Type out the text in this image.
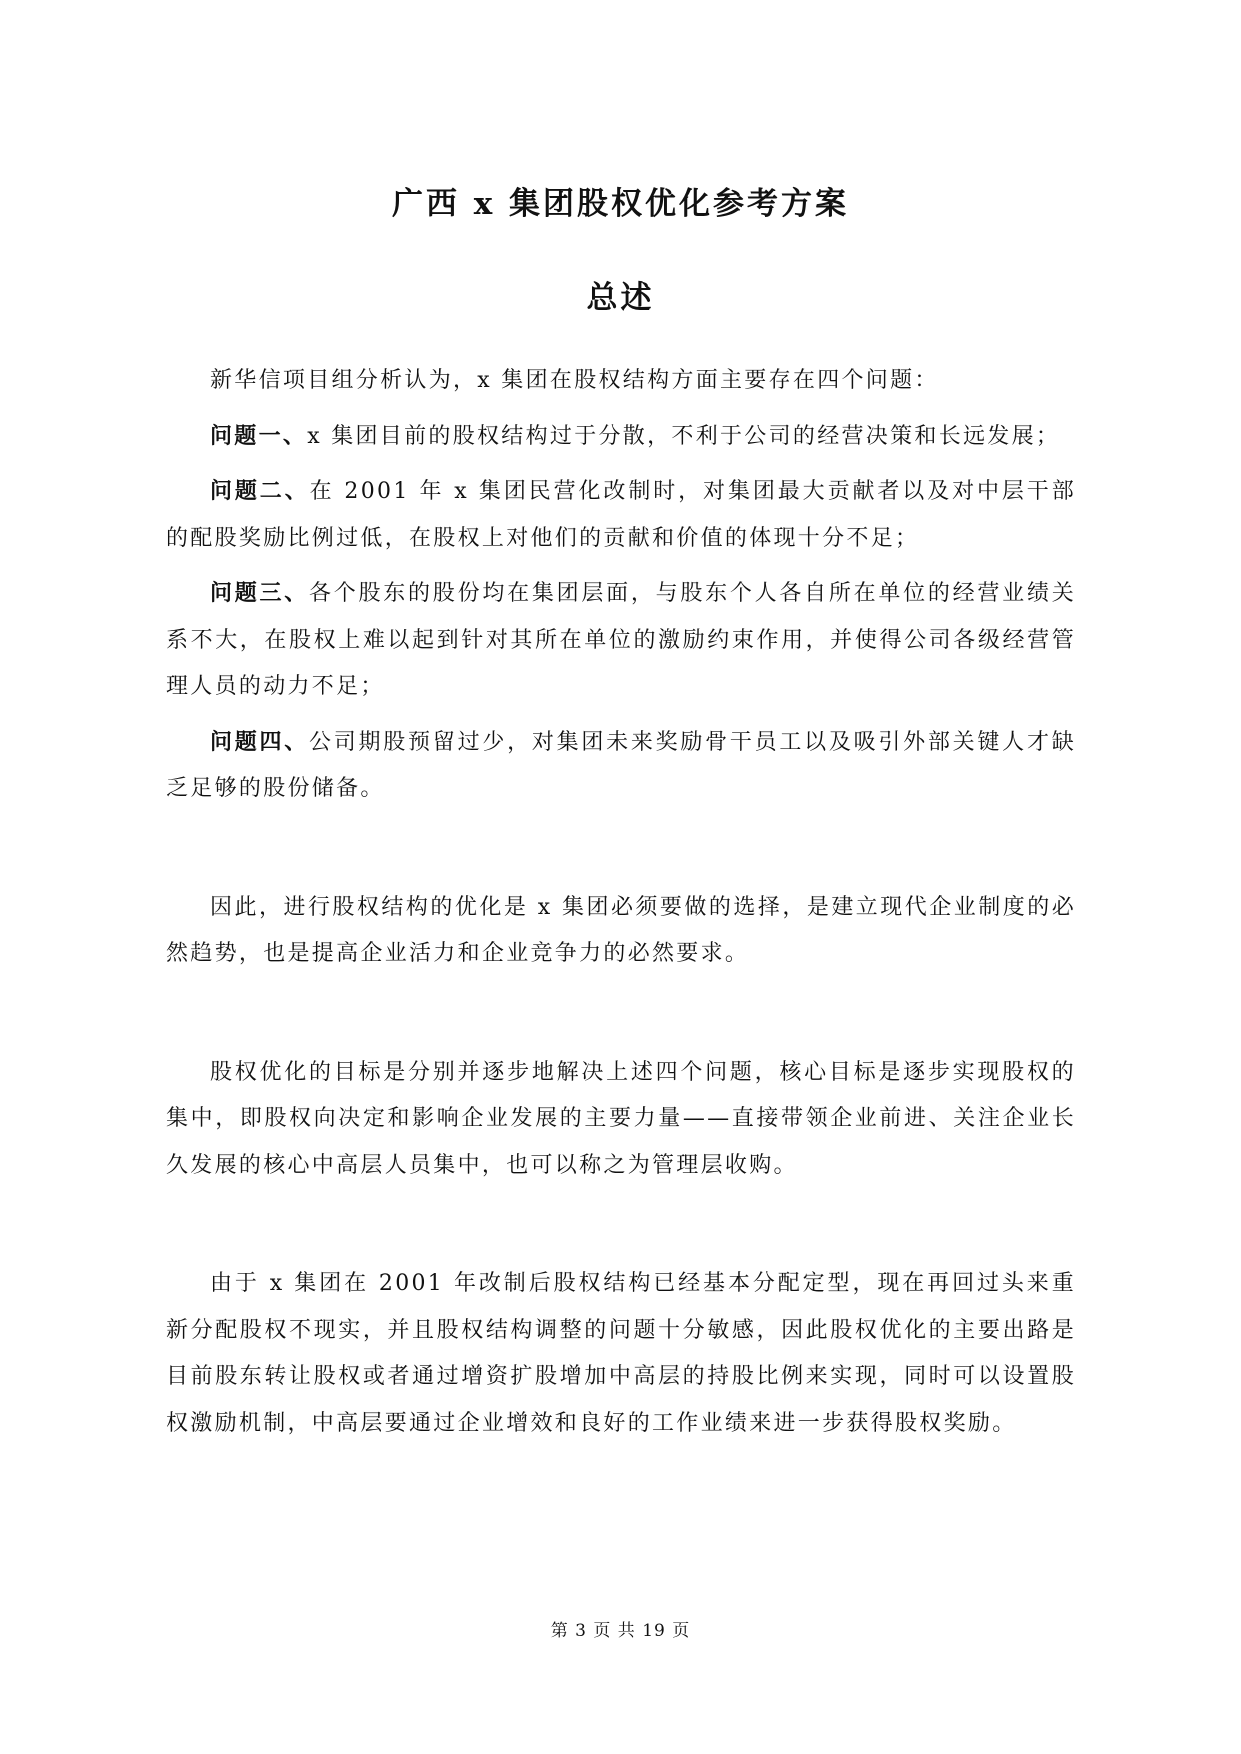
广西 x 集团股权优化参考方案
总述

新华信项目组分析认为，x 集团在股权结构方面主要存在四个问题：

问题一、x 集团目前的股权结构过于分散，不利于公司的经营决策和长远发展；

问题二、在 2001 年 x 集团民营化改制时，对集团最大贡献者以及对中层干部的配股奖励比例过低，在股权上对他们的贡献和价值的体现十分不足；

问题三、各个股东的股份均在集团层面，与股东个人各自所在单位的经营业绩关系不大，在股权上难以起到针对其所在单位的激励约束作用，并使得公司各级经营管理人员的动力不足；

问题四、公司期股预留过少，对集团未来奖励骨干员工以及吸引外部关键人才缺乏足够的股份储备。

因此，进行股权结构的优化是 x 集团必须要做的选择，是建立现代企业制度的必然趋势，也是提高企业活力和企业竞争力的必然要求。

股权优化的目标是分别并逐步地解决上述四个问题，核心目标是逐步实现股权的集中，即股权向决定和影响企业发展的主要力量——直接带领企业前进、关注企业长久发展的核心中高层人员集中，也可以称之为管理层收购。

由于 x 集团在 2001 年改制后股权结构已经基本分配定型，现在再回过头来重新分配股权不现实，并且股权结构调整的问题十分敏感，因此股权优化的主要出路是目前股东转让股权或者通过增资扩股增加中高层的持股比例来实现，同时可以设置股权激励机制，中高层要通过企业增效和良好的工作业绩来进一步获得股权奖励。

第 3 页 共 19 页
